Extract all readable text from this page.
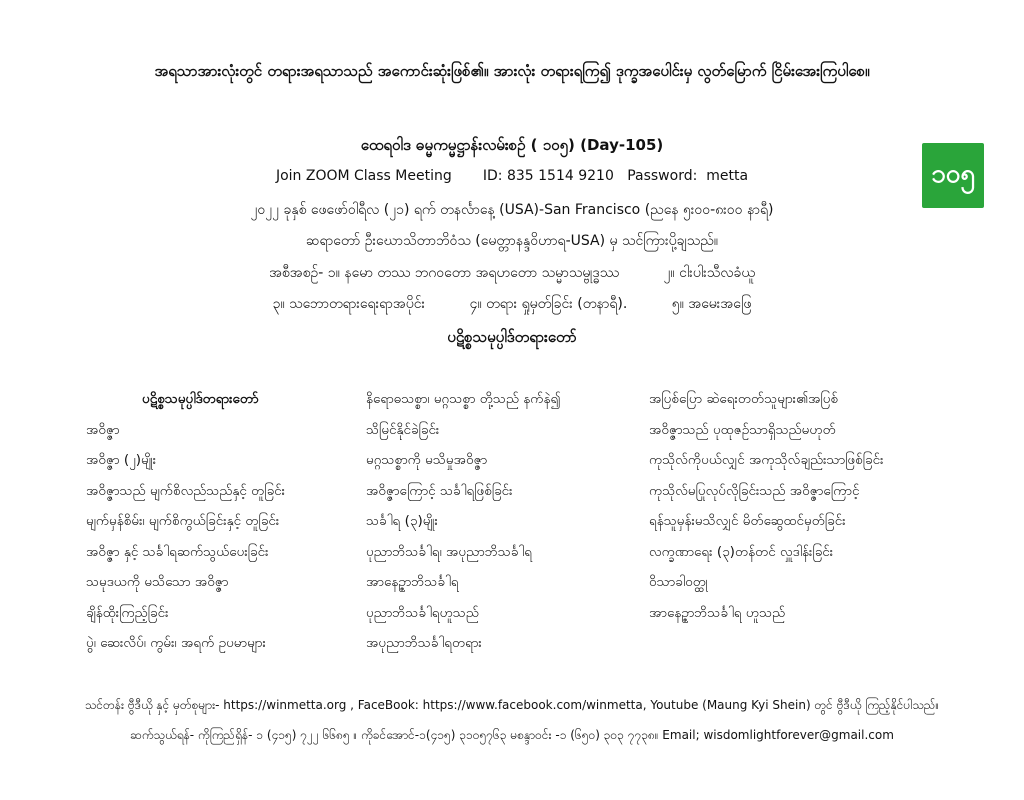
အရသာအားလုံးတွင် တရားအရသာသည် အကောင်းဆုံးဖြစ်၏။ အားလုံး တရားရကြ၍ ဒုက္ခအပေါင်းမှ လွတ်မြောက် ငြိမ်းအေးကြပါစေ။
ထေရဝါဒ ဓမ္မကမ္မဋ္ဌာန်းလမ်းစဉ် ( ၁၀၅) (Day-105)
Join ZOOM Class Meeting       ID: 835 1514 9210   Password:  metta
၂၀၂၂ ခုနှစ် ဖေဖော်ဝါရီလ (၂၁) ရက် တနင်္လာနေ့ (USA)-San Francisco (ညနေ ၅း၀၀-၈း၀၀ နာရီ)
ဆရာတော် ဦးဃောသိတာဘိဝံသ (မေတ္တာနန္ဒဝိဟာရ-USA) မှ သင်ကြားပို့ချသည်။
အစီအစဉ်- ၁။ နမော တဿ ဘဂဝတော အရဟတော သမ္မာသမ္ဗုဒ္ဓဿ          ၂။ ငါးပါးသီလခံယူ
၃။ သဘောတရားရေးရာအပိုင်း          ၄။ တရား ရှုမှတ်ခြင်း (တနာရီ).          ၅။ အမေးအဖြေ
ပဋိစ္စသမုပ္ပါဒ်တရားတော်
၁၀၅
ပဋိစ္စသမုပ္ပါဒ်တရားတော်
အဝိဇ္ဇာ
အဝိဇ္ဇာ (၂)မျိုး
အဝိဇ္ဇာသည် မျက်စိလည်သည်နှင့် တူခြင်း
မျက်မှန်စိမ်း၊ မျက်စိကွယ်ခြင်းနှင့် တူခြင်း
အဝိဇ္ဇာ နှင့် သင်္ခါရဆက်သွယ်ပေးခြင်း
သမုဒယကို မသိသော အဝိဇ္ဇာ
ချိန်ထိုးကြည့်ခြင်း
ပွဲ၊ ဆေးလိပ်၊ ကွမ်း၊ အရက် ဥပမာများ
နိရောဓသစ္စာ၊ မဂ္ဂသစ္စာ တို့သည် နက်နဲ၍
သိမြင်နိုင်ခဲခြင်း
မဂ္ဂသစ္စာကို မသိမှုအဝိဇ္ဇာ
အဝိဇ္ဇာကြောင့် သင်္ခါရဖြစ်ခြင်း
သင်္ခါရ (၃)မျိုး
ပုညာဘိသင်္ခါရ၊ အပုညာဘိသင်္ခါရ
အာနေဉ္ဇာဘိသင်္ခါရ
ပုညာဘိသင်္ခါရဟူသည်
အပုညာဘိသင်္ခါရတရား
အပြစ်ပြော ဆဲရေးတတ်သူများ၏အပြစ်
အဝိဇ္ဇာသည် ပုထုဇဉ်သာရှိသည်မဟုတ်
ကုသိုလ်ကိုပယ်လျှင် အကုသိုလ်ချည်းသာဖြစ်ခြင်း
ကုသိုလ်မပြုလုပ်လိုခြင်းသည် အဝိဇ္ဇာကြောင့်
ရန်သူမှန်းမသိလျှင် မိတ်ဆွေထင်မှတ်ခြင်း
လက္ခဏာရေး (၃)တန်တင် လှူဒါန်းခြင်း
ဝိသာခါဝတ္ထု
အာနေဉ္ဇာဘိသင်္ခါရ ဟူသည်
သင်တန်း ဗွီဒီယို နှင့် မှတ်စုများ- https://winmetta.org , FaceBook: https://www.facebook.com/winmetta, Youtube (Maung Kyi Shein) တွင် ဗွီဒီယို ကြည့်နိုင်ပါသည်။
ဆက်သွယ်ရန်- ကိုကြည်ရှိန်- ၁ (၄၁၅) ၇၂၂ ၆၆၈၅ ။ ကိုခင်အောင်-၁(၄၁၅) ၃၁၀၅၇၆၃ မစန္ဒာဝင်း -၁ (၆၅၀) ၃၀၃ ၇၇၃၈။ Email; wisdomlightforever@gmail.com
